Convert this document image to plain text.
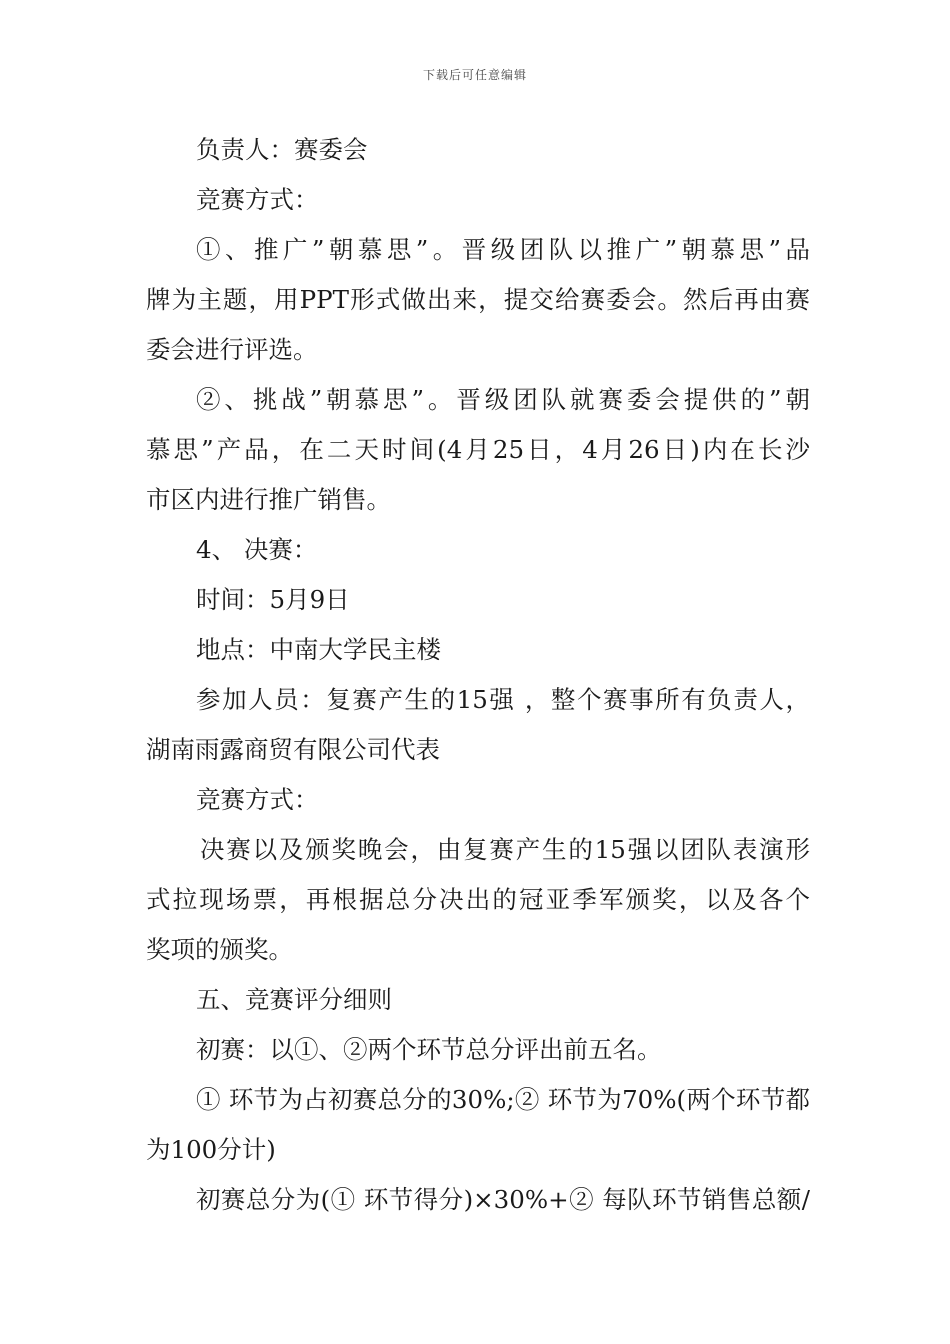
下载后可任意编辑
负责人：赛委会
竞赛方式：
①、推广”朝慕思”。晋级团队以推广”朝慕思”品
牌为主题，用PPT形式做出来，提交给赛委会。然后再由赛
委会进行评选。
②、挑战”朝慕思”。晋级团队就赛委会提供的”朝
慕思”产品，在二天时间(4月25日，4月26日)内在长沙
市区内进行推广销售。
4、 决赛：
时间：5月9日
地点：中南大学民主楼
参加人员：复赛产生的15强 ，整个赛事所有负责人，
湖南雨露商贸有限公司代表
竞赛方式：
决赛以及颁奖晚会，由复赛产生的15强以团队表演形
式拉现场票，再根据总分决出的冠亚季军颁奖，以及各个
奖项的颁奖。
五、竞赛评分细则
初赛：以①、②两个环节总分评出前五名。
① 环节为占初赛总分的30%;② 环节为70%(两个环节都
为100分计)
初赛总分为(① 环节得分)×30%+② 每队环节销售总额/
